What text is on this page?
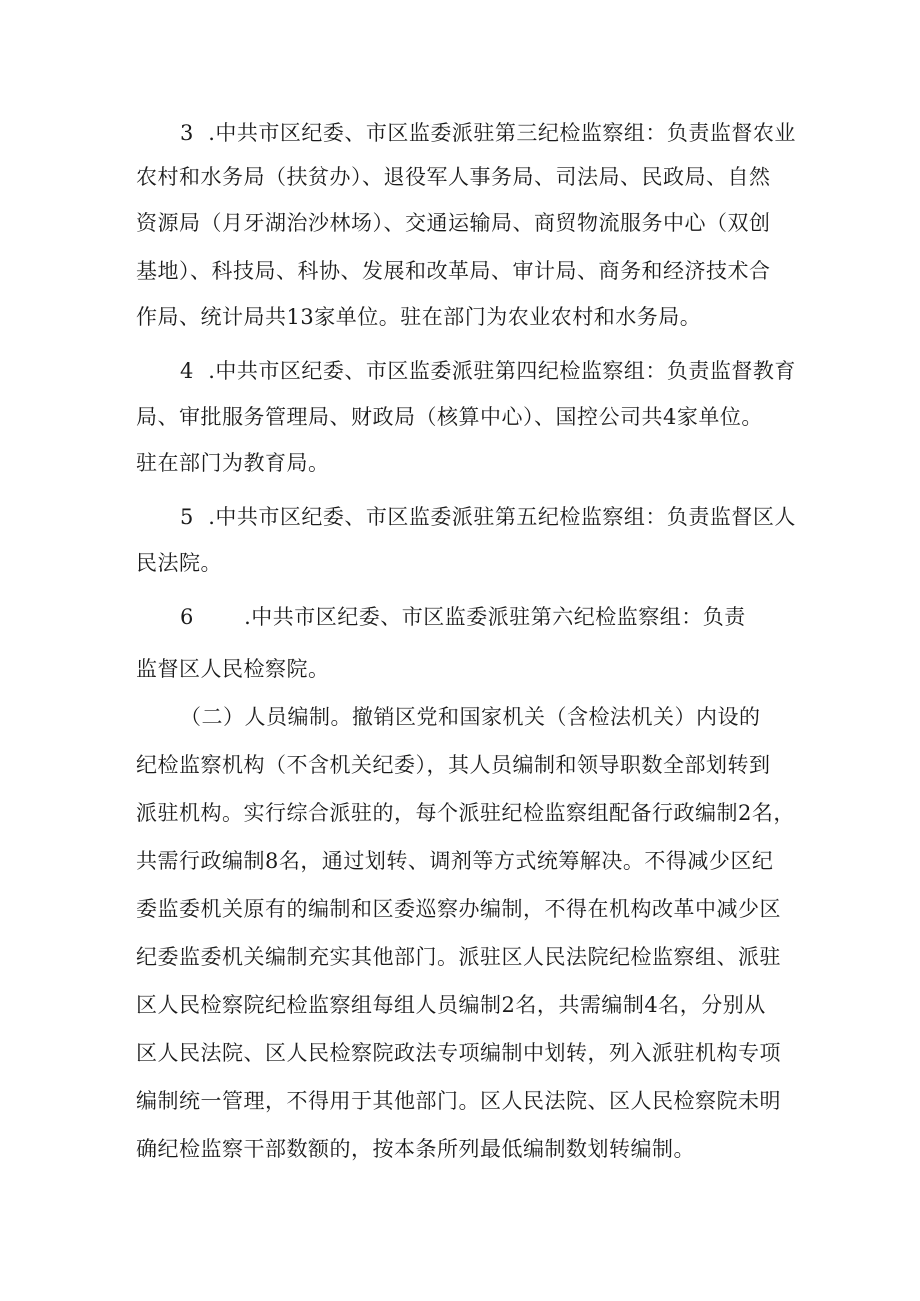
3  .中共市区纪委、市区监委派驻第三纪检监察组：负责监督农业
农村和水务局（扶贫办）、退役军人事务局、司法局、民政局、自然
资源局（月牙湖治沙林场）、交通运输局、商贸物流服务中心（双创
基地）、科技局、科协、发展和改革局、审计局、商务和经济技术合
作局、统计局共13家单位。驻在部门为农业农村和水务局。
4  .中共市区纪委、市区监委派驻第四纪检监察组：负责监督教育
局、审批服务管理局、财政局（核算中心）、国控公司共4家单位。
驻在部门为教育局。
5  .中共市区纪委、市区监委派驻第五纪检监察组：负责监督区人
民法院。
6       .中共市区纪委、市区监委派驻第六纪检监察组：负责
监督区人民检察院。
（二）人员编制。撤销区党和国家机关（含检法机关）内设的
纪检监察机构（不含机关纪委），其人员编制和领导职数全部划转到
派驻机构。实行综合派驻的，每个派驻纪检监察组配备行政编制2名，
共需行政编制8名，通过划转、调剂等方式统筹解决。不得减少区纪
委监委机关原有的编制和区委巡察办编制，不得在机构改革中减少区
纪委监委机关编制充实其他部门。派驻区人民法院纪检监察组、派驻
区人民检察院纪检监察组每组人员编制2名，共需编制4名，分别从
区人民法院、区人民检察院政法专项编制中划转，列入派驻机构专项
编制统一管理，不得用于其他部门。区人民法院、区人民检察院未明
确纪检监察干部数额的，按本条所列最低编制数划转编制。
